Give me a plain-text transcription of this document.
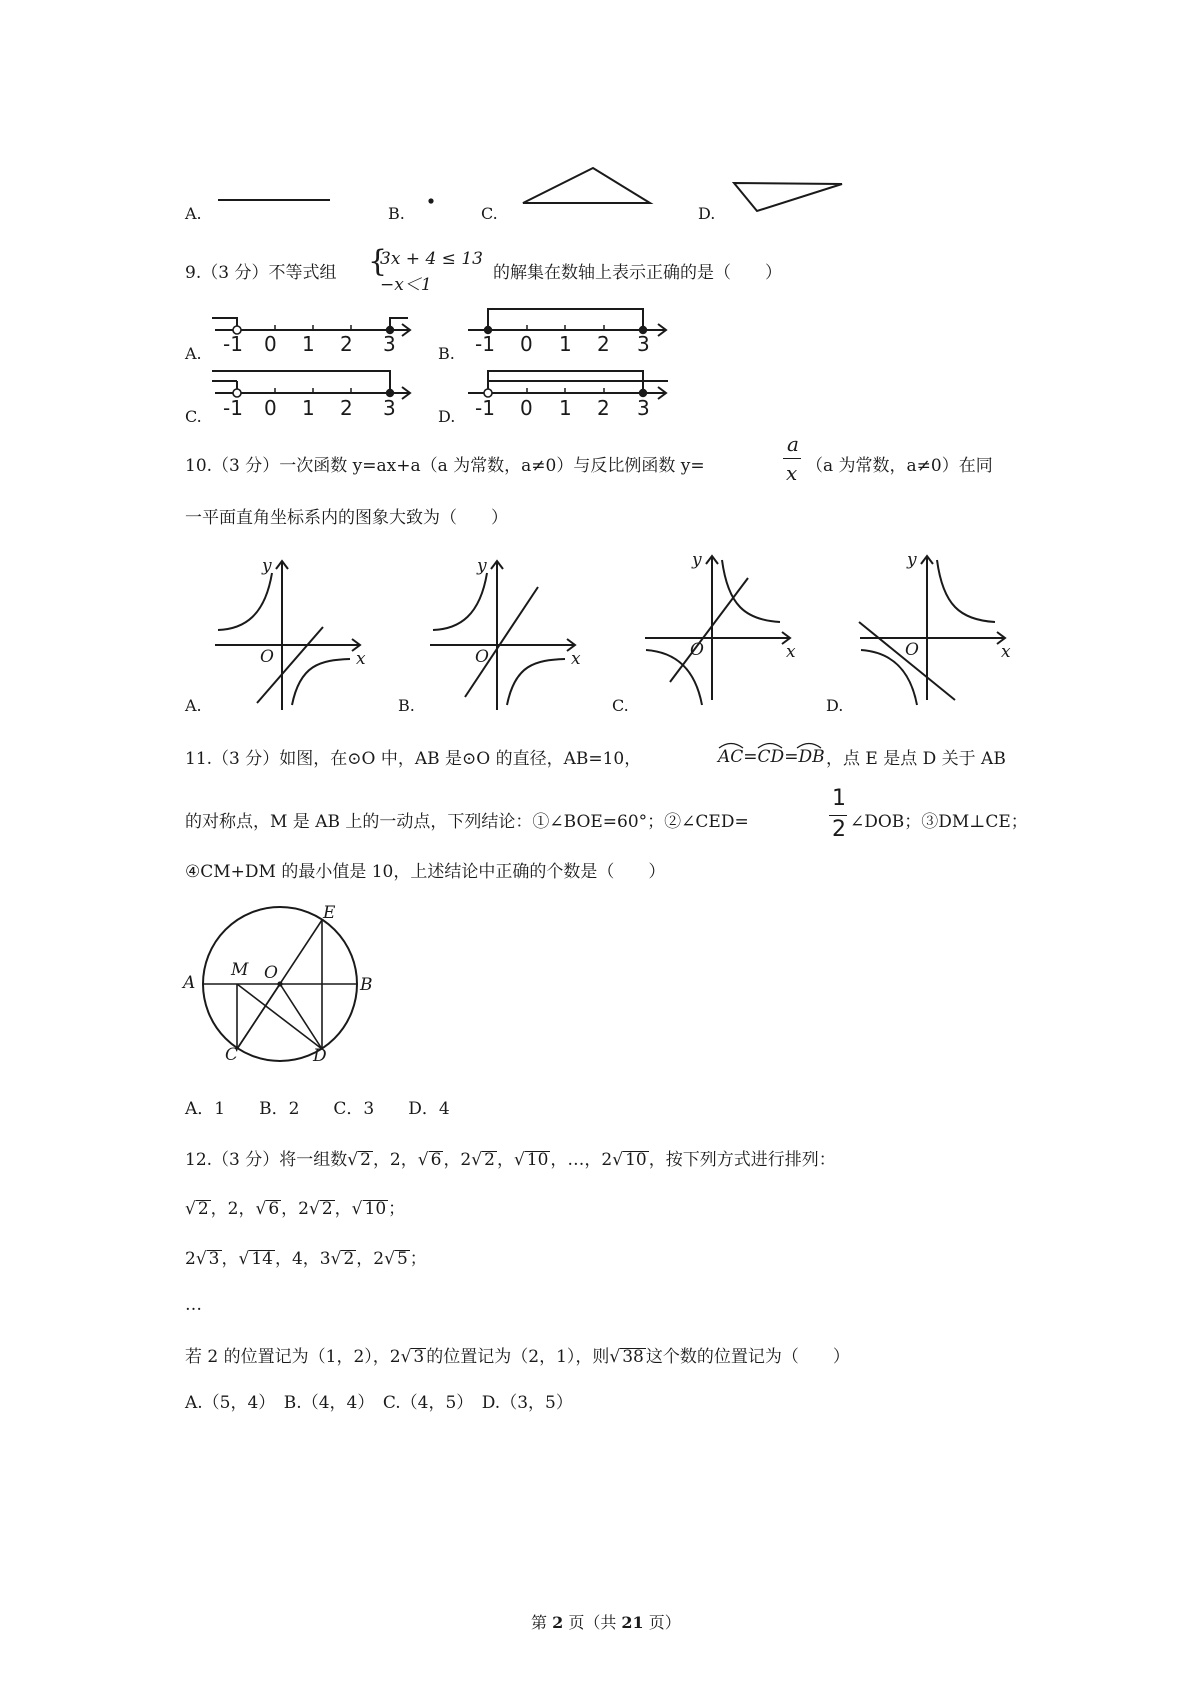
A.	B.	C.	D.
9.（3 分）不等式组 {
3x + 4 ≤ 13
−x＜1
的解集在数轴上表示正确的是（　　）
A.	B.
C.	D.
-1 0 1 2 3	-1 0 1 2 3
-1 0 1 2 3	-1 0 1 2 3
10.（3 分）一次函数 y=ax+a（a 为常数，a≠0）与反比例函数 y=
a
x （a 为常数，a≠0）在同
一平面直角坐标系内的图象大致为（　　）
y
x
O
y
x
O
y
x
O
y
x
O
A.	B.	C.	D.
11.（3 分）如图，在⊙O 中，AB 是⊙O 的直径，AB=10，	AC=CD=DB ，点 E 是点 D 关于 AB
的对称点，M 是 AB 上的一动点，下列结论：①∠BOE=60°；②∠CED=
1
2 ∠DOB；③DM⊥CE；
④CM+DM 的最小值是 10，上述结论中正确的个数是（　　）
A	B
C	D
E
M O
A．1　　B．2　　C．3　　D．4
12.（3 分）将一组数√ 2 ，2，√ 6 ，2√ 2 ，√ 10 ，…，2√ 10 ，按下列方式进行排列：
√ 2 ，2，√ 6 ，2√ 2 ，√ 10 ；
2√ 3 ，√ 14 ，4，3√ 2 ，2√ 5 ；
…
若 2 的位置记为（1，2），2√ 3 的位置记为（2，1），则√ 38 这个数的位置记为（　　）
A.（5，4）　B.（4，4）　C.（4，5）　D.（3，5）
第 2 页（共 21 页）
